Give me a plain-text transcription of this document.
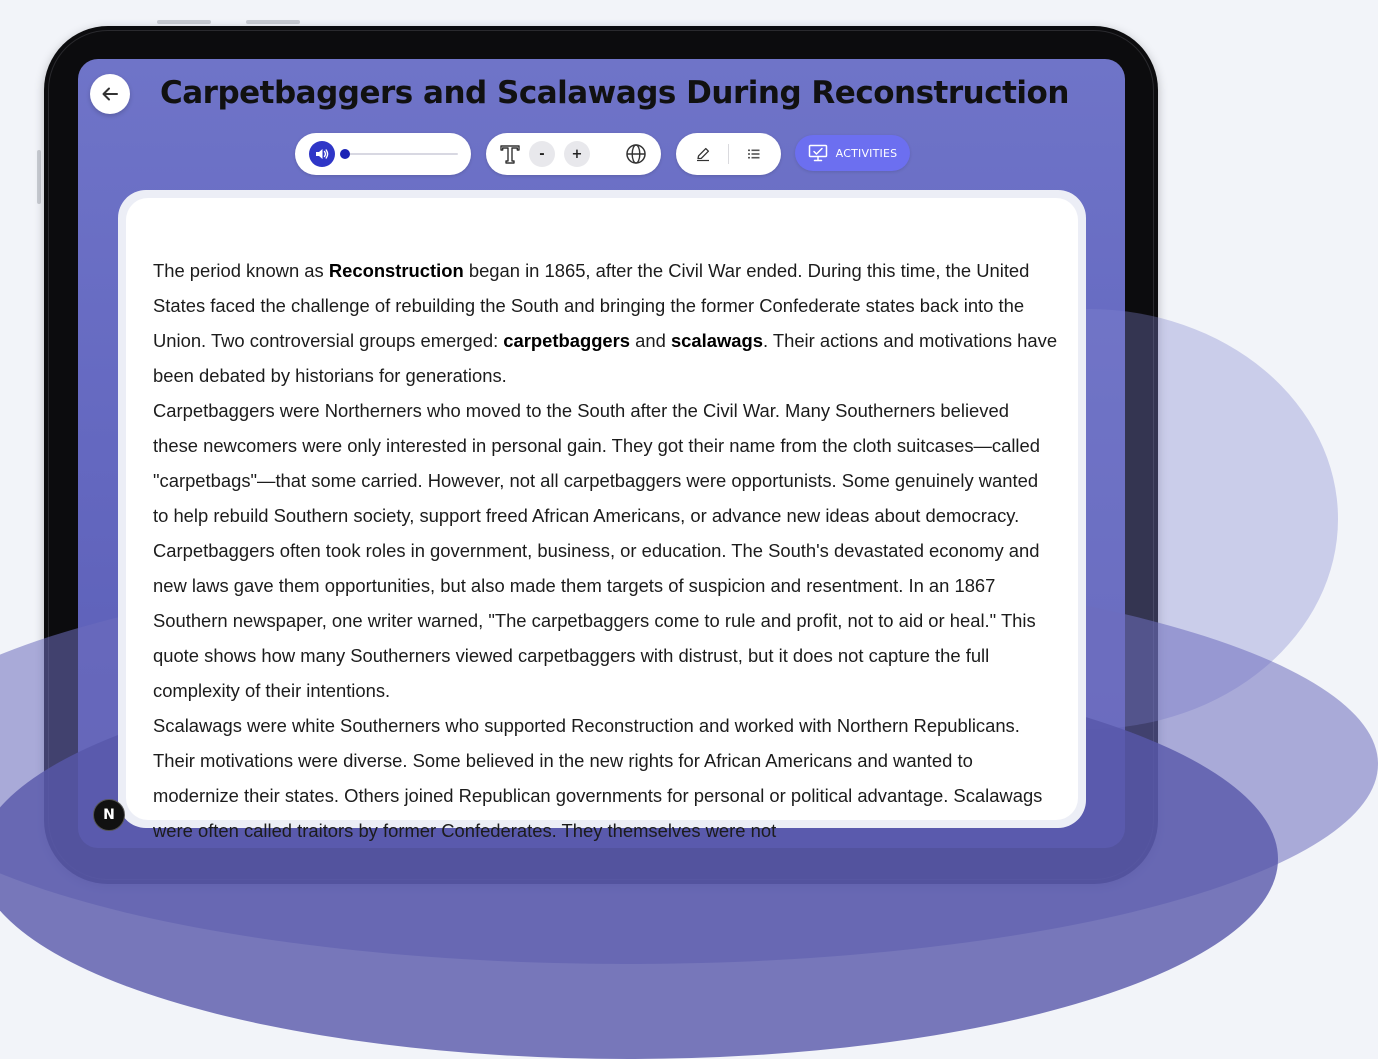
Carpetbaggers and Scalawags During Reconstruction
-	+	ACTIVITIES

The period known as Reconstruction began in 1865, after the Civil War ended. During this time, the United States faced the challenge of rebuilding the South and bringing the former Confederate states back into the Union. Two controversial groups emerged: carpetbaggers and scalawags. Their actions and motivations have been debated by historians for generations.

Carpetbaggers were Northerners who moved to the South after the Civil War. Many Southerners believed these newcomers were only interested in personal gain. They got their name from the cloth suitcases—called "carpetbags"—that some carried. However, not all carpetbaggers were opportunists. Some genuinely wanted to help rebuild Southern society, support freed African Americans, or advance new ideas about democracy. Carpetbaggers often took roles in government, business, or education. The South's devastated economy and new laws gave them opportunities, but also made them targets of suspicion and resentment. In an 1867 Southern newspaper, one writer warned, "The carpetbaggers come to rule and profit, not to aid or heal." This quote shows how many Southerners viewed carpetbaggers with distrust, but it does not capture the full complexity of their intentions.

Scalawags were white Southerners who supported Reconstruction and worked with Northern Republicans. Their motivations were diverse. Some believed in the new rights for African Americans and wanted to modernize their states. Others joined Republican governments for personal or political advantage. Scalawags were often called traitors by former Confederates. They themselves were not

N
